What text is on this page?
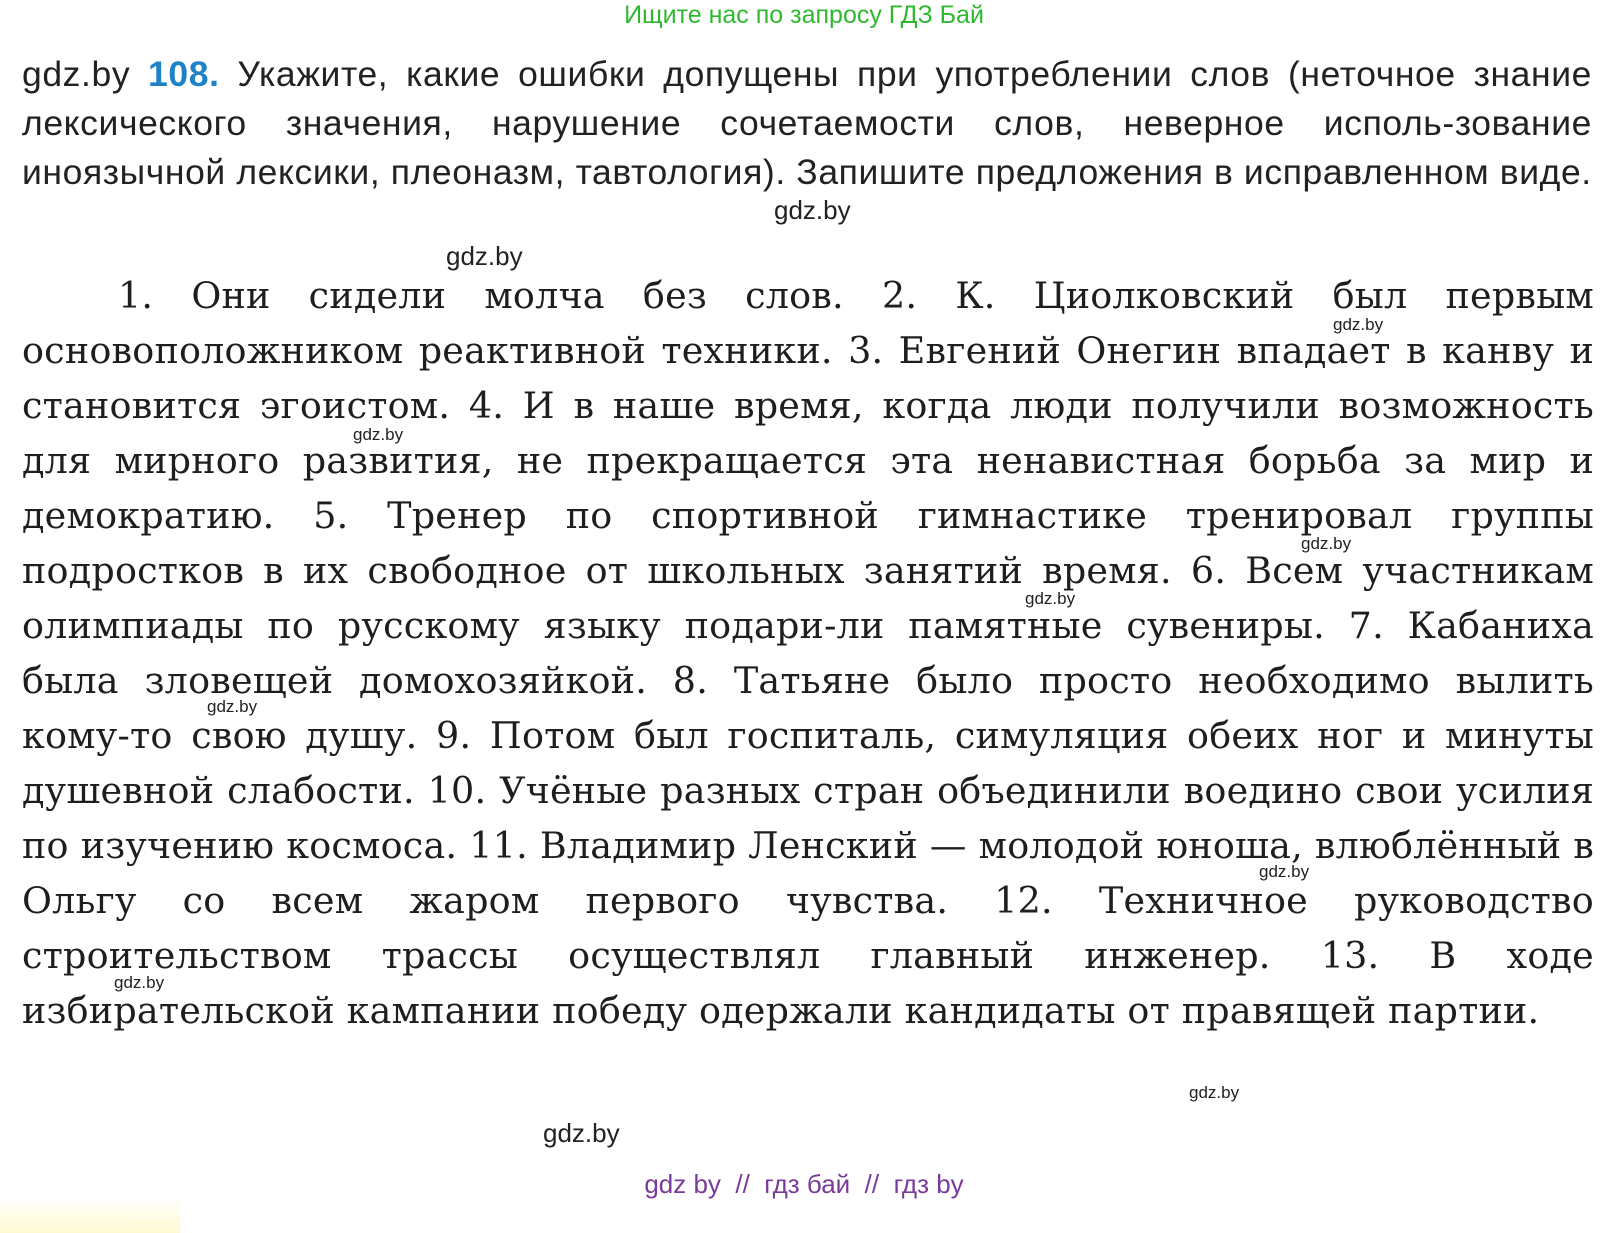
Ищите нас по запросу ГДЗ Бай
gdz.by 108. Укажите, какие ошибки допущены при употреблении слов (неточное знание лексического значения, нарушение сочетаемости слов, неверное исполь-зование иноязычной лексики, плеоназм, тавтология). Запишите предложения в исправленном виде.
1. Они сидели молча без слов. 2. К. Циолковский был первым основоположником реактивной техники. 3. Евгений Онегин впадает в канву и становится эгоистом. 4. И в наше время, когда люди получили возможность для мирного развития, не прекращается эта ненавистная борьба за мир и демократию. 5. Тренер по спортивной гимнастике тренировал группы подростков в их свободное от школьных занятий время. 6. Всем участникам олимпиады по русскому языку подари-ли памятные сувениры. 7. Кабаниха была зловещей домохозяйкой. 8. Татьяне было просто необходимо вылить кому-то свою душу. 9. Потом был госпиталь, симуляция обеих ног и минуты душевной слабости. 10. Учёные разных стран объединили воедино свои усилия по изучению космоса. 11. Владимир Ленский — молодой юноша, влюблённый в Ольгу со всем жаром первого чувства. 12. Техничное руководство строительством трассы осуществлял главный инженер. 13. В ходе избирательской кампании победу одержали кандидаты от правящей партии.
gdz.by
gdz.by
gdz.by
gdz.by
gdz.by
gdz.by
gdz.by
gdz.by
gdz.by
gdz.by
gdz.by
gdz by // гдз бай // гдз by
